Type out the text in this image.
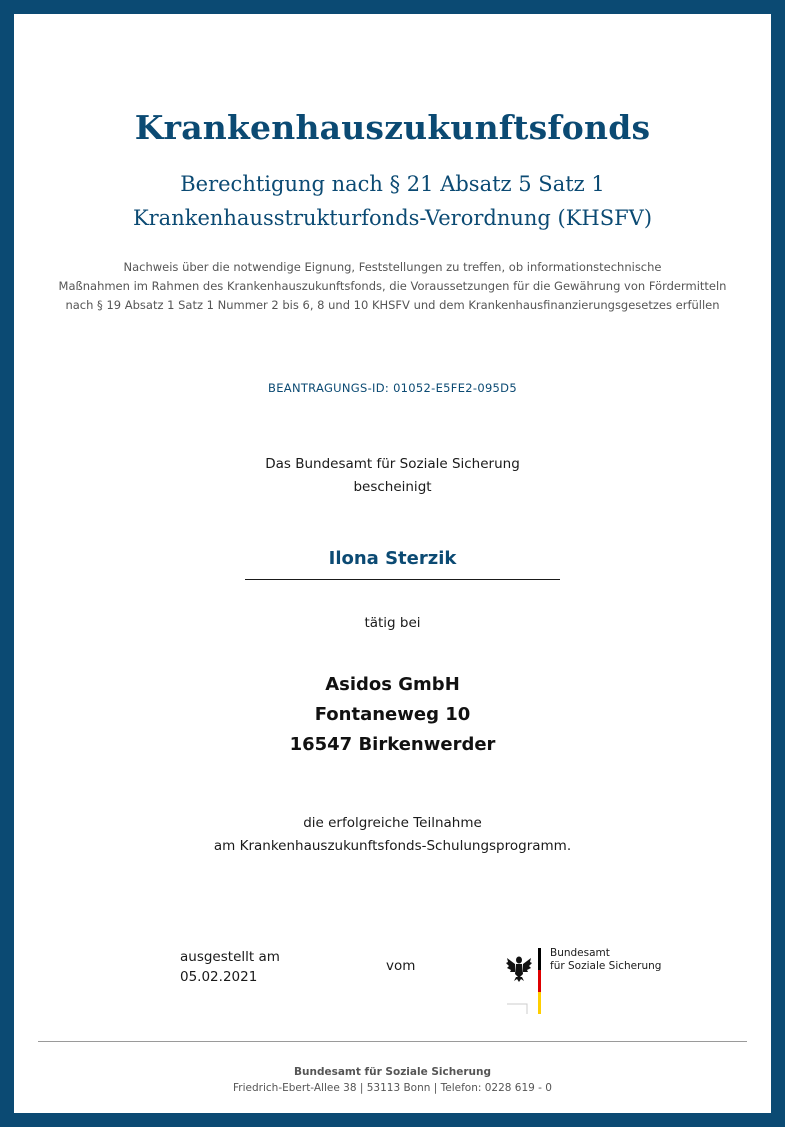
Krankenhauszukunftsfonds
Berechtigung nach § 21 Absatz 5 Satz 1
Krankenhausstrukturfonds-Verordnung (KHSFV)
Nachweis über die notwendige Eignung, Feststellungen zu treffen, ob informationstechnische
Maßnahmen im Rahmen des Krankenhauszukunftsfonds, die Voraussetzungen für die Gewährung von Fördermitteln
nach § 19 Absatz 1 Satz 1 Nummer 2 bis 6, 8 und 10 KHSFV und dem Krankenhausfinanzierungsgesetzes erfüllen
BEANTRAGUNGS-ID: 01052-E5FE2-095D5
Das Bundesamt für Soziale Sicherung
bescheinigt
Ilona Sterzik
tätig bei
Asidos GmbH
Fontaneweg 10
16547 Birkenwerder
die erfolgreiche Teilnahme
am Krankenhauszukunftsfonds-Schulungsprogramm.
ausgestellt am
05.02.2021
vom
Bundesamt
für Soziale Sicherung
Bundesamt für Soziale Sicherung
Friedrich-Ebert-Allee 38 | 53113 Bonn | Telefon: 0228 619 - 0
